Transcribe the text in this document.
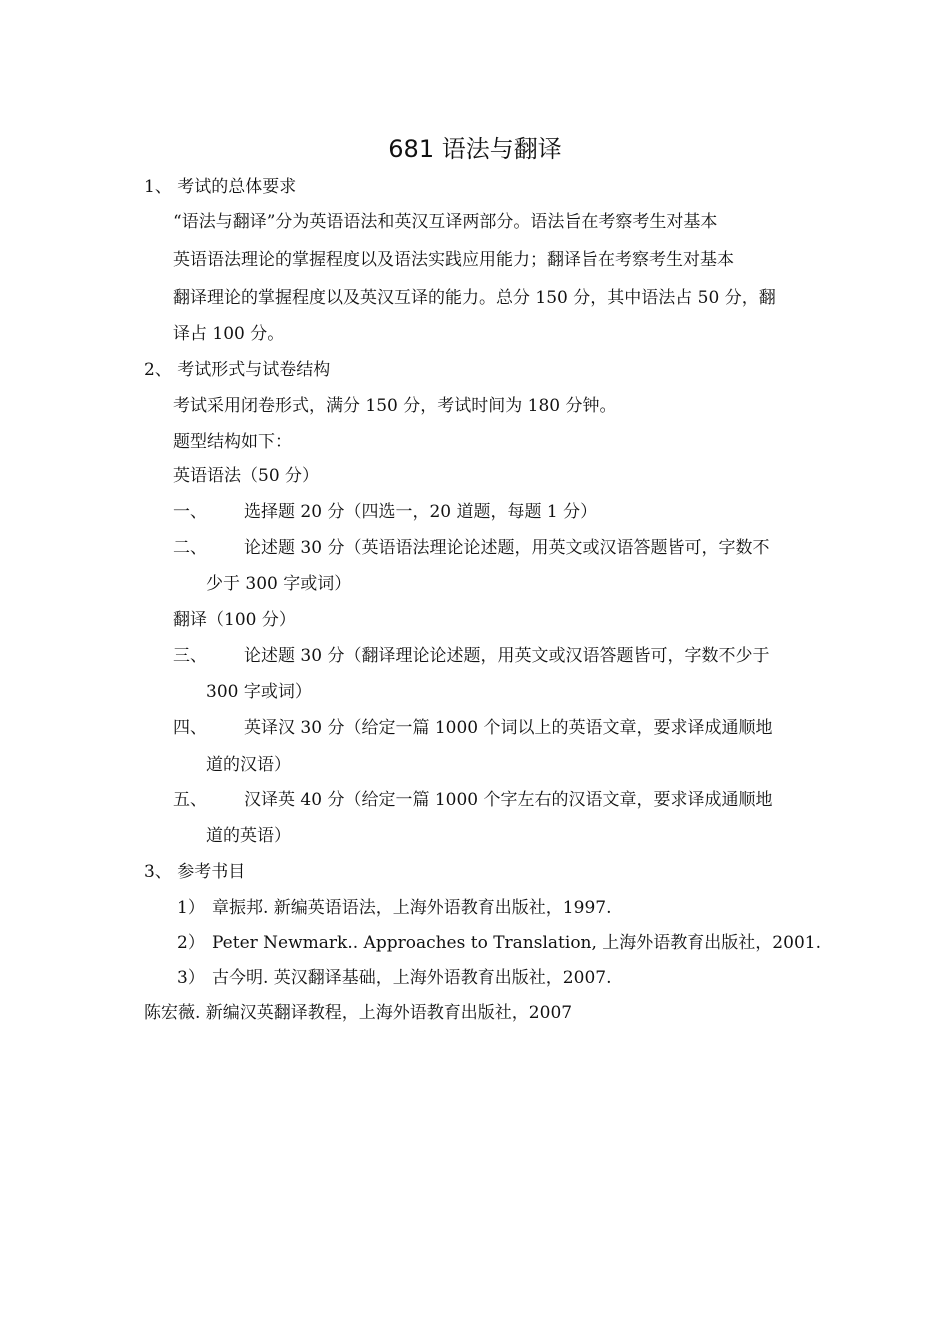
681 语法与翻译
1、 考试的总体要求
“语法与翻译”分为英语语法和英汉互译两部分。语法旨在考察考生对基本
英语语法理论的掌握程度以及语法实践应用能力；翻译旨在考察考生对基本
翻译理论的掌握程度以及英汉互译的能力。总分 150 分，其中语法占 50 分，翻
译占 100 分。
2、 考试形式与试卷结构
考试采用闭卷形式，满分 150 分，考试时间为 180 分钟。
题型结构如下：
英语语法（50 分）
一、 选择题 20 分（四选一，20 道题，每题 1 分）
二、 论述题 30 分（英语语法理论论述题，用英文或汉语答题皆可，字数不
少于 300 字或词）
翻译（100 分）
三、 论述题 30 分（翻译理论论述题，用英文或汉语答题皆可，字数不少于
300 字或词）
四、 英译汉 30 分（给定一篇 1000 个词以上的英语文章，要求译成通顺地
道的汉语）
五、 汉译英 40 分（给定一篇 1000 个字左右的汉语文章，要求译成通顺地
道的英语）
3、 参考书目
1） 章振邦. 新编英语语法，上海外语教育出版社，1997.
2） Peter Newmark.. Approaches to Translation, 上海外语教育出版社，2001.
3） 古今明. 英汉翻译基础，上海外语教育出版社，2007.
陈宏薇. 新编汉英翻译教程，上海外语教育出版社，2007
